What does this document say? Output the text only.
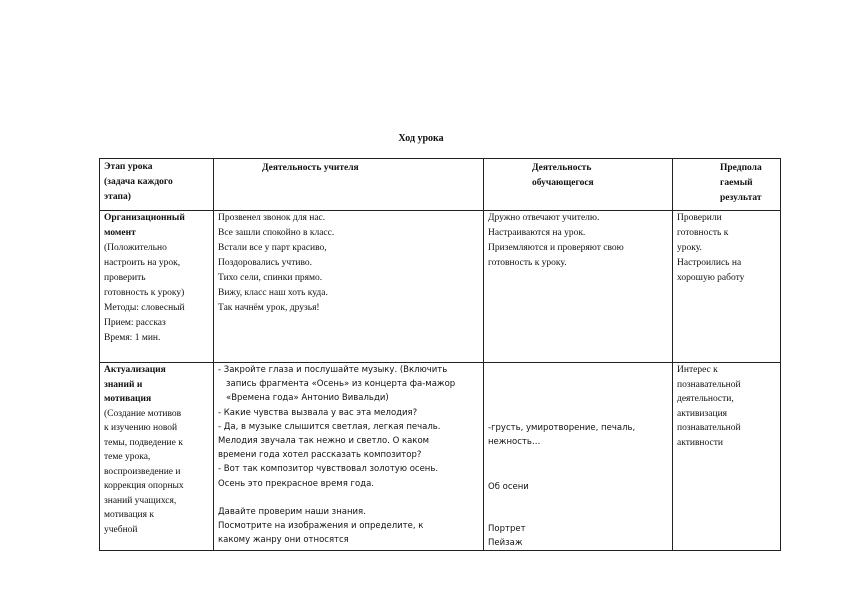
Ход урока
Этап урока
(задача каждого
этапа)
Деятельность учителя	Деятельность
обучающегося
Предпола
гаемый
результат
Организационный
момент
(Положительно
настроить на урок,
проверить
готовность к уроку)
Методы: словесный
Прием: рассказ
Время: 1 мин.
Прозвенел звонок для нас.
Все зашли спокойно в класс.
Встали все у парт красиво,
Поздоровались учтиво.
Тихо сели, спинки прямо.
Вижу, класс наш хоть куда.
Так начнём урок, друзья!
Дружно отвечают учителю.
Настраиваются на урок.
Приземляются и проверяют свою
готовность к уроку.
Проверили
готовность к
уроку.
Настроились на
хорошую работу
Актуализация
знаний и
мотивация
(Создание мотивов
к изучению новой
темы, подведение к
теме урока,
воспроизведение и
коррекция опорных
знаний учащихся,
мотивация к
учебной
- Закройте глаза и послушайте музыку. (Включить
запись фрагмента «Осень» из концерта фа-мажор
«Времена года» Антонио Вивальди)
- Какие чувства вызвала у вас эта мелодия?
- Да, в музыке слышится светлая, легкая печаль.
Мелодия звучала так нежно и светло. О каком
времени года хотел рассказать композитор?
- Вот так композитор чувствовал золотую осень.
Осень это прекрасное время года.
Давайте проверим наши знания.
Посмотрите на изображения и определите, к
какому жанру они относятся
-грусть, умиротворение, печаль,
нежность…
Об осени
Портрет
Пейзаж
Интерес к
познавательной
деятельности,
активизация
познавательной
активности
